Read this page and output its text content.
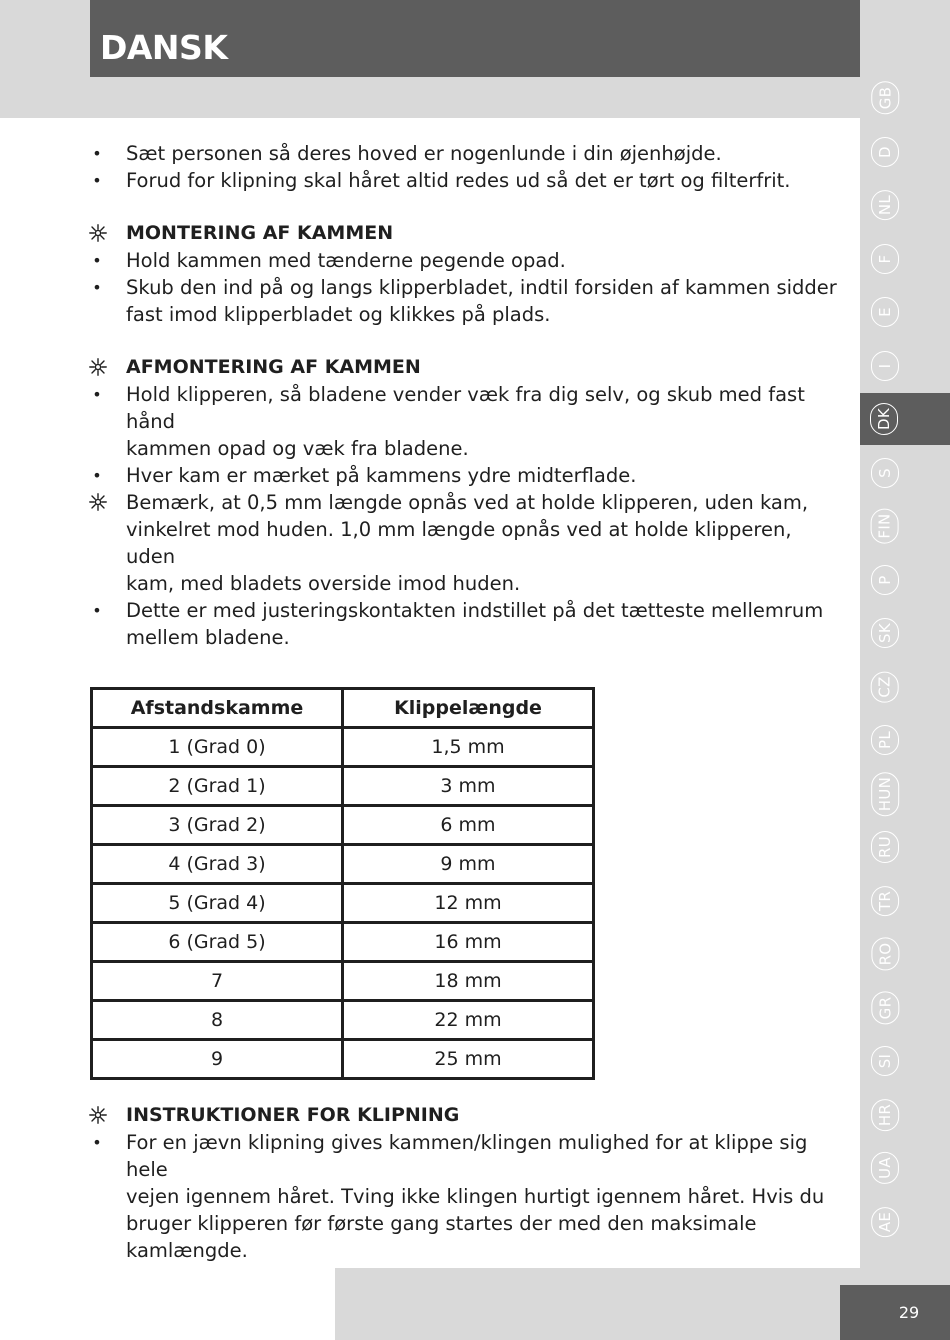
DANSK
29
GB
D
NL
F
E
I
DK
S
FIN
P
SK
CZ
PL
HUN
RU
TR
RO
GR
SI
HR
UA
AE
• Sæt personen så deres hoved er nogenlunde i din øjenhøjde.
• Forud for klipning skal håret altid redes ud så det er tørt og filterfrit.
MONTERING AF KAMMEN
• Hold kammen med tænderne pegende opad.
• Skub den ind på og langs klipperbladet, indtil forsiden af kammen sidder
fast imod klipperbladet og klikkes på plads.
AFMONTERING AF KAMMEN
• Hold klipperen, så bladene vender væk fra dig selv, og skub med fast hånd
kammen opad og væk fra bladene.
• Hver kam er mærket på kammens ydre midterflade.
Bemærk, at 0,5 mm længde opnås ved at holde klipperen, uden kam,
vinkelret mod huden. 1,0 mm længde opnås ved at holde klipperen, uden
kam, med bladets overside imod huden.
• Dette er med justeringskontakten indstillet på det tætteste mellemrum
mellem bladene.
Afstandskamme	Klippelængde
1 (Grad 0)	1,5 mm
2 (Grad 1)	3 mm
3 (Grad 2)	6 mm
4 (Grad 3)	9 mm
5 (Grad 4)	12 mm
6 (Grad 5)	16 mm
7	18 mm
8	22 mm
9	25 mm
INSTRUKTIONER FOR KLIPNING
• For en jævn klipning gives kammen/klingen mulighed for at klippe sig hele
vejen igennem håret. Tving ikke klingen hurtigt igennem håret. Hvis du
bruger klipperen før første gang startes der med den maksimale
kamlængde.
